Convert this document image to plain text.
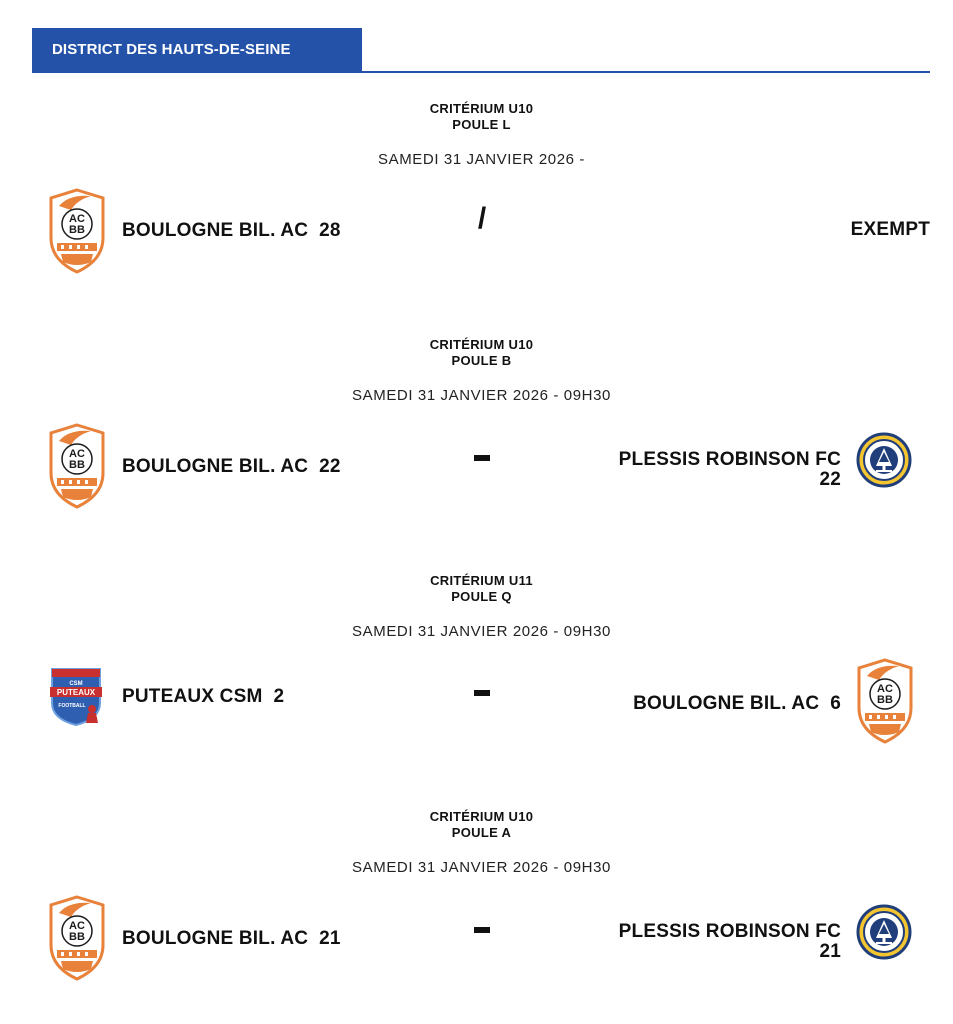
DISTRICT DES HAUTS-DE-SEINE
CRITÉRIUM U10
POULE L
SAMEDI 31 JANVIER 2026 -
BOULOGNE BIL. AC 28	/	EXEMPT
CRITÉRIUM U10
POULE B
SAMEDI 31 JANVIER 2026 - 09H30
BOULOGNE BIL. AC 22	PLESSIS ROBINSON FC
22
CRITÉRIUM U11
POULE Q
SAMEDI 31 JANVIER 2026 - 09H30
PUTEAUX CSM 2	BOULOGNE BIL. AC 6
CRITÉRIUM U10
POULE A
SAMEDI 31 JANVIER 2026 - 09H30
BOULOGNE BIL. AC 21	PLESSIS ROBINSON FC
21
